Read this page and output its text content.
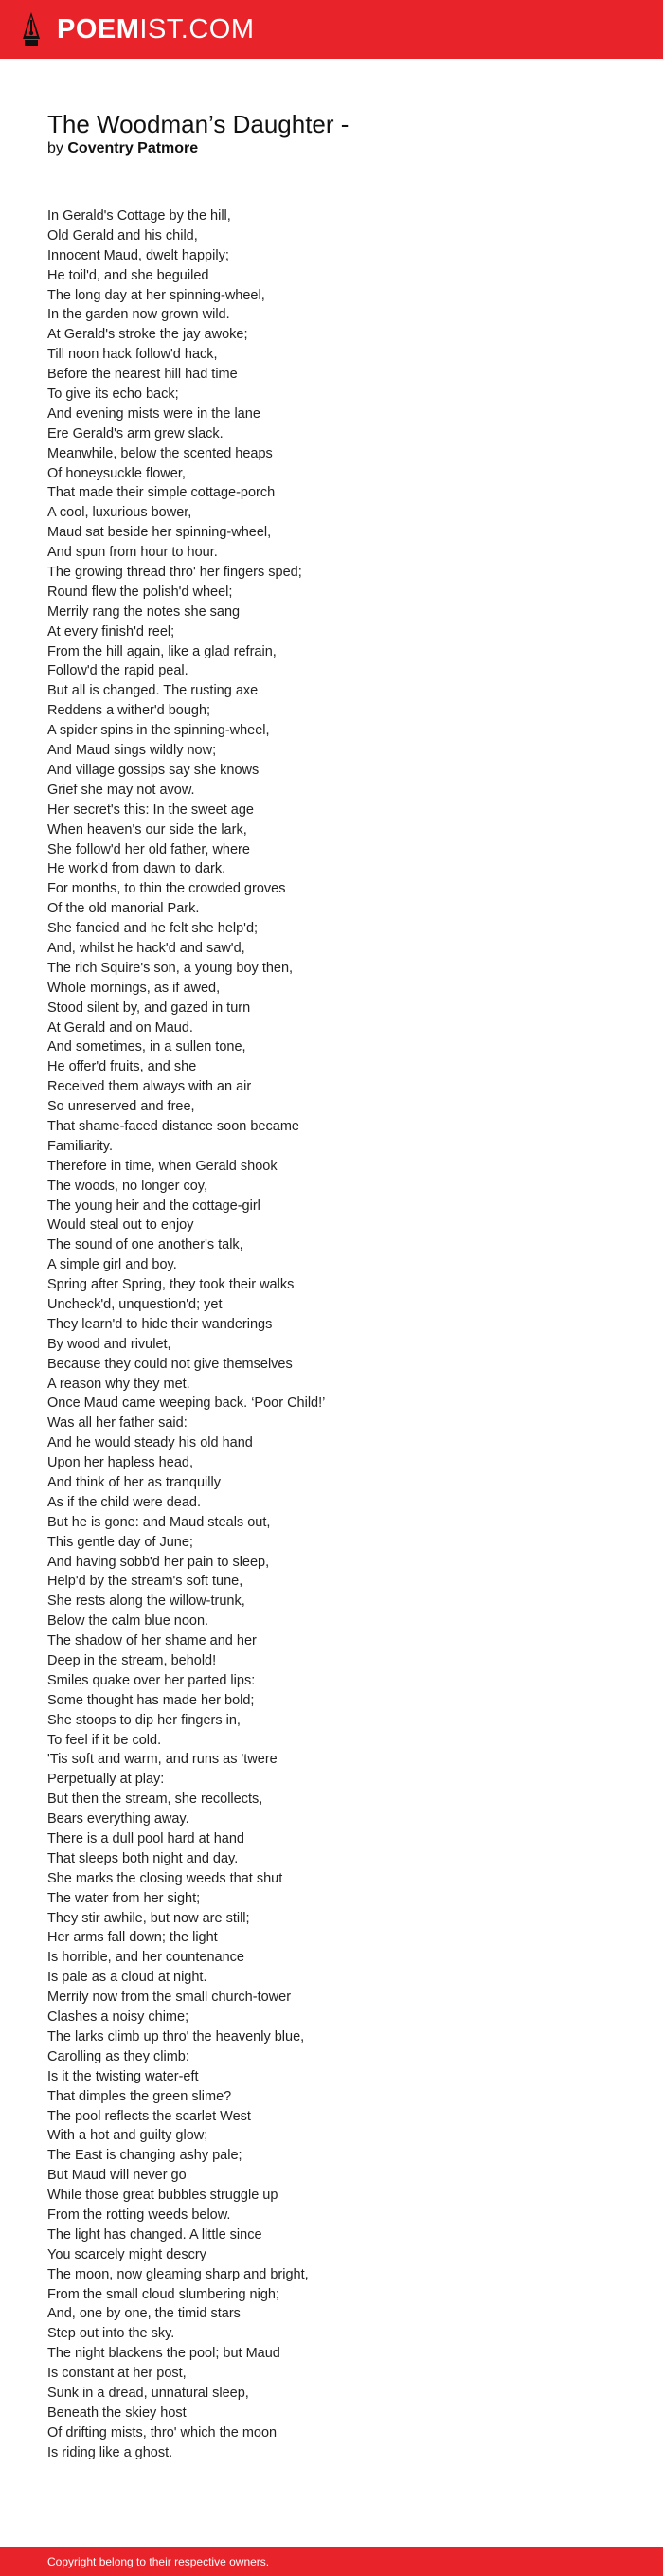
POEMIST.COM
The Woodman’s Daughter -
by Coventry Patmore
In Gerald's Cottage by the hill,
Old Gerald and his child,
Innocent Maud, dwelt happily;
He toil'd, and she beguiled
The long day at her spinning-wheel,
In the garden now grown wild.
At Gerald's stroke the jay awoke;
Till noon hack follow'd hack,
Before the nearest hill had time
To give its echo back;
And evening mists were in the lane
Ere Gerald's arm grew slack.
Meanwhile, below the scented heaps
Of honeysuckle flower,
That made their simple cottage-porch
A cool, luxurious bower,
Maud sat beside her spinning-wheel,
And spun from hour to hour.
The growing thread thro' her fingers sped;
Round flew the polish'd wheel;
Merrily rang the notes she sang
At every finish'd reel;
From the hill again, like a glad refrain,
Follow'd the rapid peal.
But all is changed. The rusting axe
Reddens a wither'd bough;
A spider spins in the spinning-wheel,
And Maud sings wildly now;
And village gossips say she knows
Grief she may not avow.
Her secret's this: In the sweet age
When heaven's our side the lark,
She follow'd her old father, where
He work'd from dawn to dark,
For months, to thin the crowded groves
Of the old manorial Park.
She fancied and he felt she help'd;
And, whilst he hack'd and saw'd,
The rich Squire's son, a young boy then,
Whole mornings, as if awed,
Stood silent by, and gazed in turn
At Gerald and on Maud.
And sometimes, in a sullen tone,
He offer'd fruits, and she
Received them always with an air
So unreserved and free,
That shame-faced distance soon became
Familiarity.
Therefore in time, when Gerald shook
The woods, no longer coy,
The young heir and the cottage-girl
Would steal out to enjoy
The sound of one another's talk,
A simple girl and boy.
Spring after Spring, they took their walks
Uncheck'd, unquestion'd; yet
They learn'd to hide their wanderings
By wood and rivulet,
Because they could not give themselves
A reason why they met.
Once Maud came weeping back. ‘Poor Child!’
Was all her father said:
And he would steady his old hand
Upon her hapless head,
And think of her as tranquilly
As if the child were dead.
But he is gone: and Maud steals out,
This gentle day of June;
And having sobb'd her pain to sleep,
Help'd by the stream's soft tune,
She rests along the willow-trunk,
Below the calm blue noon.
The shadow of her shame and her
Deep in the stream, behold!
Smiles quake over her parted lips:
Some thought has made her bold;
She stoops to dip her fingers in,
To feel if it be cold.
'Tis soft and warm, and runs as 'twere
Perpetually at play:
But then the stream, she recollects,
Bears everything away.
There is a dull pool hard at hand
That sleeps both night and day.
She marks the closing weeds that shut
The water from her sight;
They stir awhile, but now are still;
Her arms fall down; the light
Is horrible, and her countenance
Is pale as a cloud at night.
Merrily now from the small church-tower
Clashes a noisy chime;
The larks climb up thro' the heavenly blue,
Carolling as they climb:
Is it the twisting water-eft
That dimples the green slime?
The pool reflects the scarlet West
With a hot and guilty glow;
The East is changing ashy pale;
But Maud will never go
While those great bubbles struggle up
From the rotting weeds below.
The light has changed. A little since
You scarcely might descry
The moon, now gleaming sharp and bright,
From the small cloud slumbering nigh;
And, one by one, the timid stars
Step out into the sky.
The night blackens the pool; but Maud
Is constant at her post,
Sunk in a dread, unnatural sleep,
Beneath the skiey host
Of drifting mists, thro' which the moon
Is riding like a ghost.
Copyright belong to their respective owners.
